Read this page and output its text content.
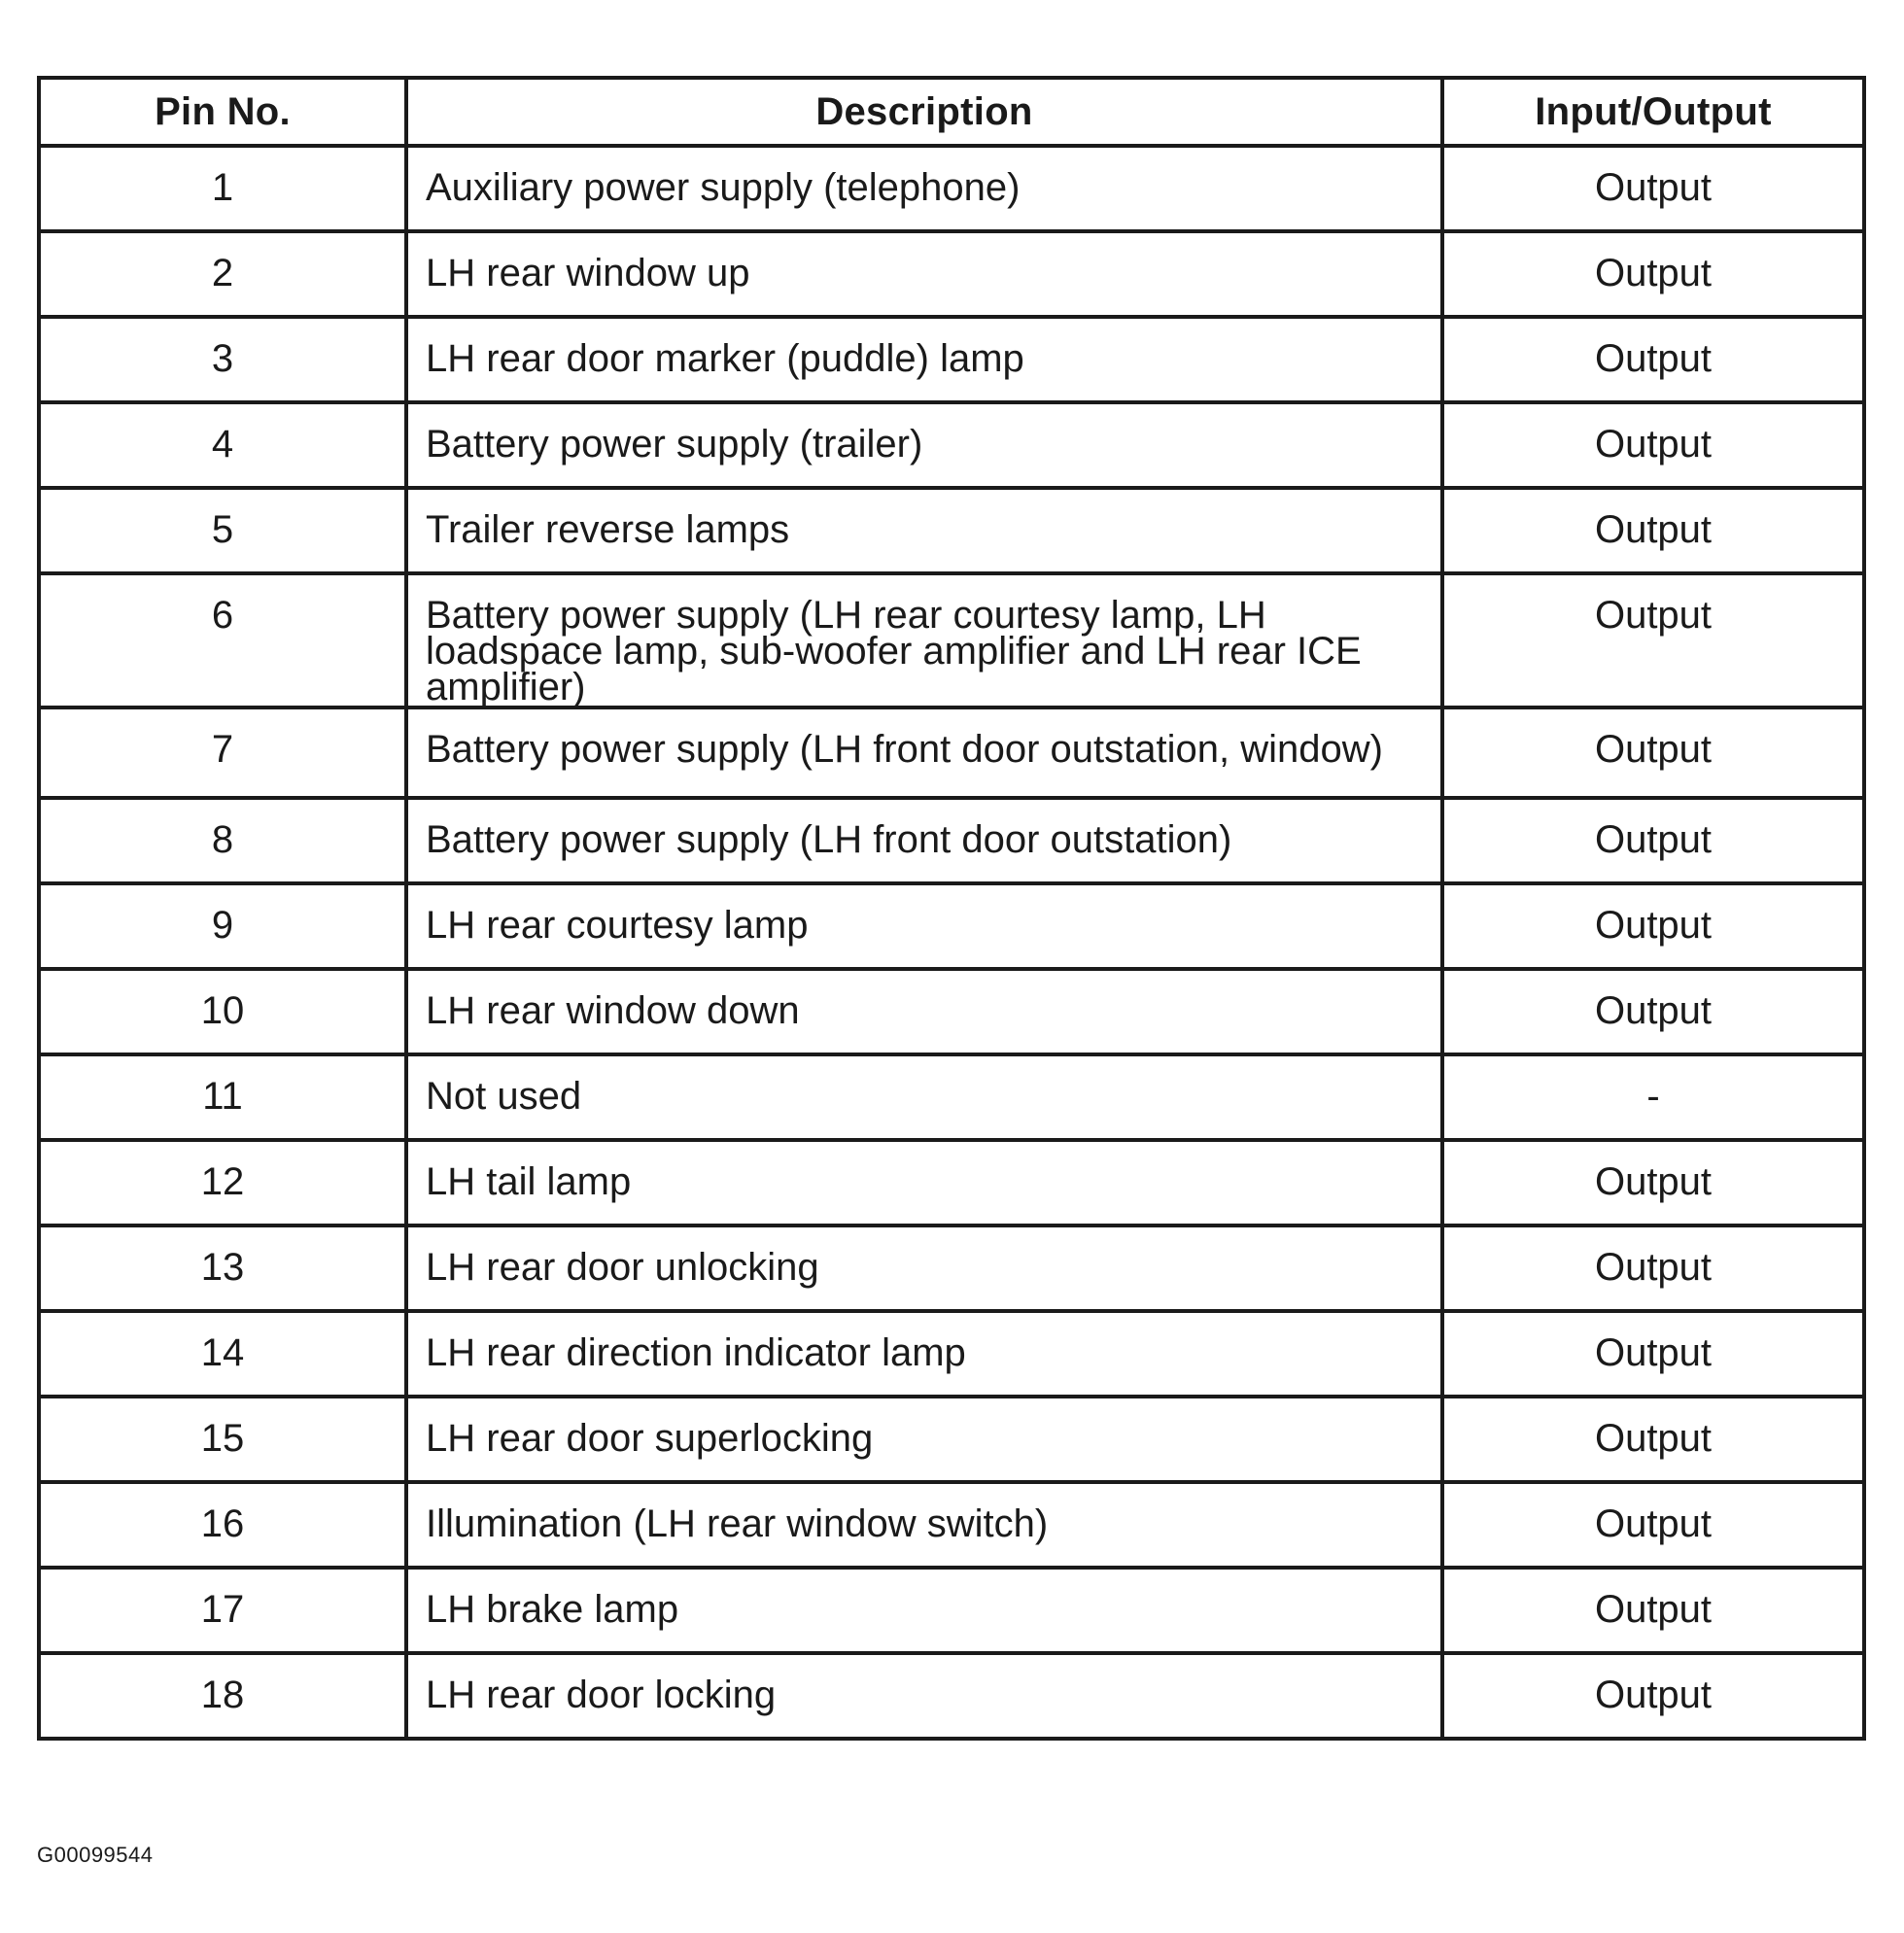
Pin No.	Description	Input/Output
1	Auxiliary power supply (telephone)	Output
2	LH rear window up	Output
3	LH rear door marker (puddle) lamp	Output
4	Battery power supply (trailer)	Output
5	Trailer reverse lamps	Output
6	Battery power supply (LH rear courtesy lamp, LH loadspace lamp, sub-woofer amplifier and LH rear ICE amplifier)	Output
7	Battery power supply (LH front door outstation, window)	Output
8	Battery power supply (LH front door outstation)	Output
9	LH rear courtesy lamp	Output
10	LH rear window down	Output
11	Not used	-
12	LH tail lamp	Output
13	LH rear door unlocking	Output
14	LH rear direction indicator lamp	Output
15	LH rear door superlocking	Output
16	Illumination (LH rear window switch)	Output
17	LH brake lamp	Output
18	LH rear door locking	Output
G00099544
